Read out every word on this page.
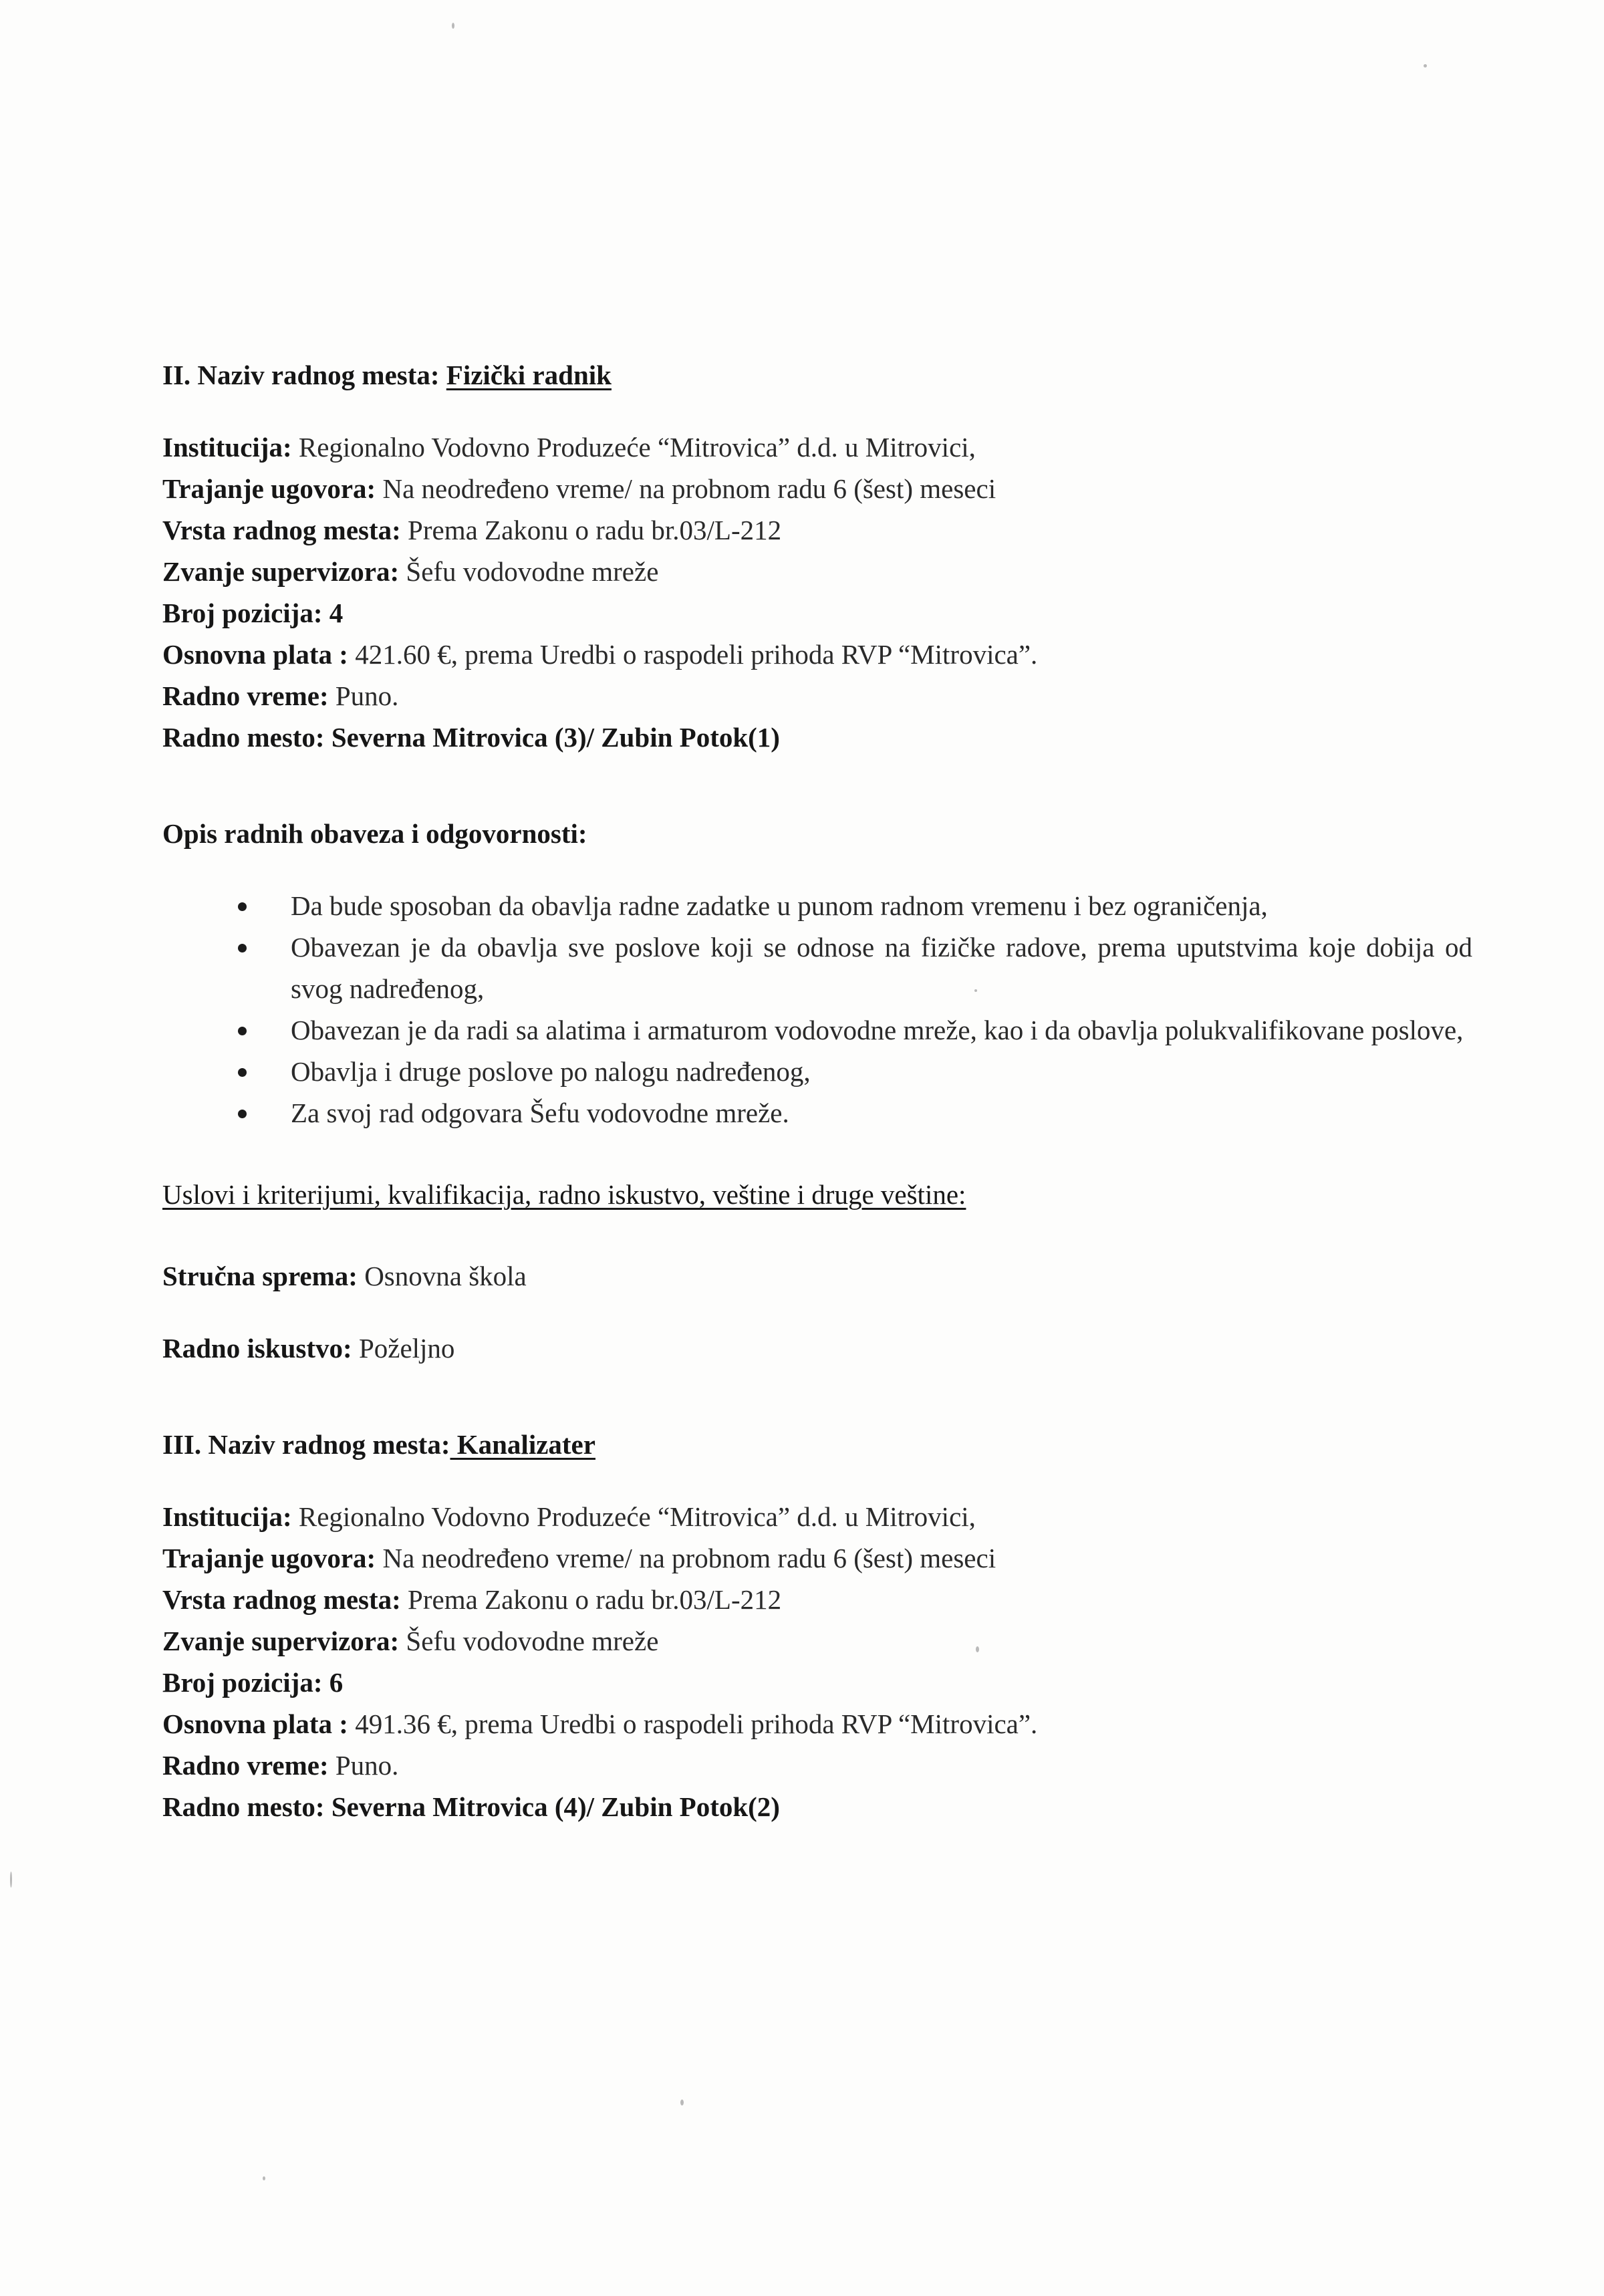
II. Naziv radnog mesta: Fizički radnik
Institucija: Regionalno Vodovno Produzeće “Mitrovica” d.d. u Mitrovici,
Trajanje ugovora: Na neodređeno vreme/ na probnom radu 6 (šest) meseci
Vrsta radnog mesta: Prema Zakonu o radu br.03/L-212
Zvanje supervizora: Šefu vodovodne mreže
Broj pozicija: 4
Osnovna plata : 421.60 €, prema Uredbi o raspodeli prihoda RVP “Mitrovica”.
Radno vreme: Puno.
Radno mesto: Severna Mitrovica (3)/ Zubin Potok(1)
Opis radnih obaveza i odgovornosti:
Da bude sposoban da obavlja radne zadatke u punom radnom vremenu i bez ograničenja,
Obavezan je da obavlja sve poslove koji se odnose na fizičke radove, prema uputstvima koje dobija od svog nadređenog,
Obavezan je da radi sa alatima i armaturom vodovodne mreže, kao i da obavlja polukvalifikovane poslove,
Obavlja i druge poslove po nalogu nadređenog,
Za svoj rad odgovara Šefu vodovodne mreže.
Uslovi i kriterijumi, kvalifikacija, radno iskustvo, veštine i druge veštine:
Stručna sprema: Osnovna škola
Radno iskustvo: Poželjno
III. Naziv radnog mesta: Kanalizater
Institucija: Regionalno Vodovno Produzeće “Mitrovica” d.d. u Mitrovici,
Trajanje ugovora: Na neodređeno vreme/ na probnom radu 6 (šest) meseci
Vrsta radnog mesta: Prema Zakonu o radu br.03/L-212
Zvanje supervizora: Šefu vodovodne mreže
Broj pozicija: 6
Osnovna plata : 491.36 €, prema Uredbi o raspodeli prihoda RVP “Mitrovica”.
Radno vreme: Puno.
Radno mesto: Severna Mitrovica (4)/ Zubin Potok(2)
